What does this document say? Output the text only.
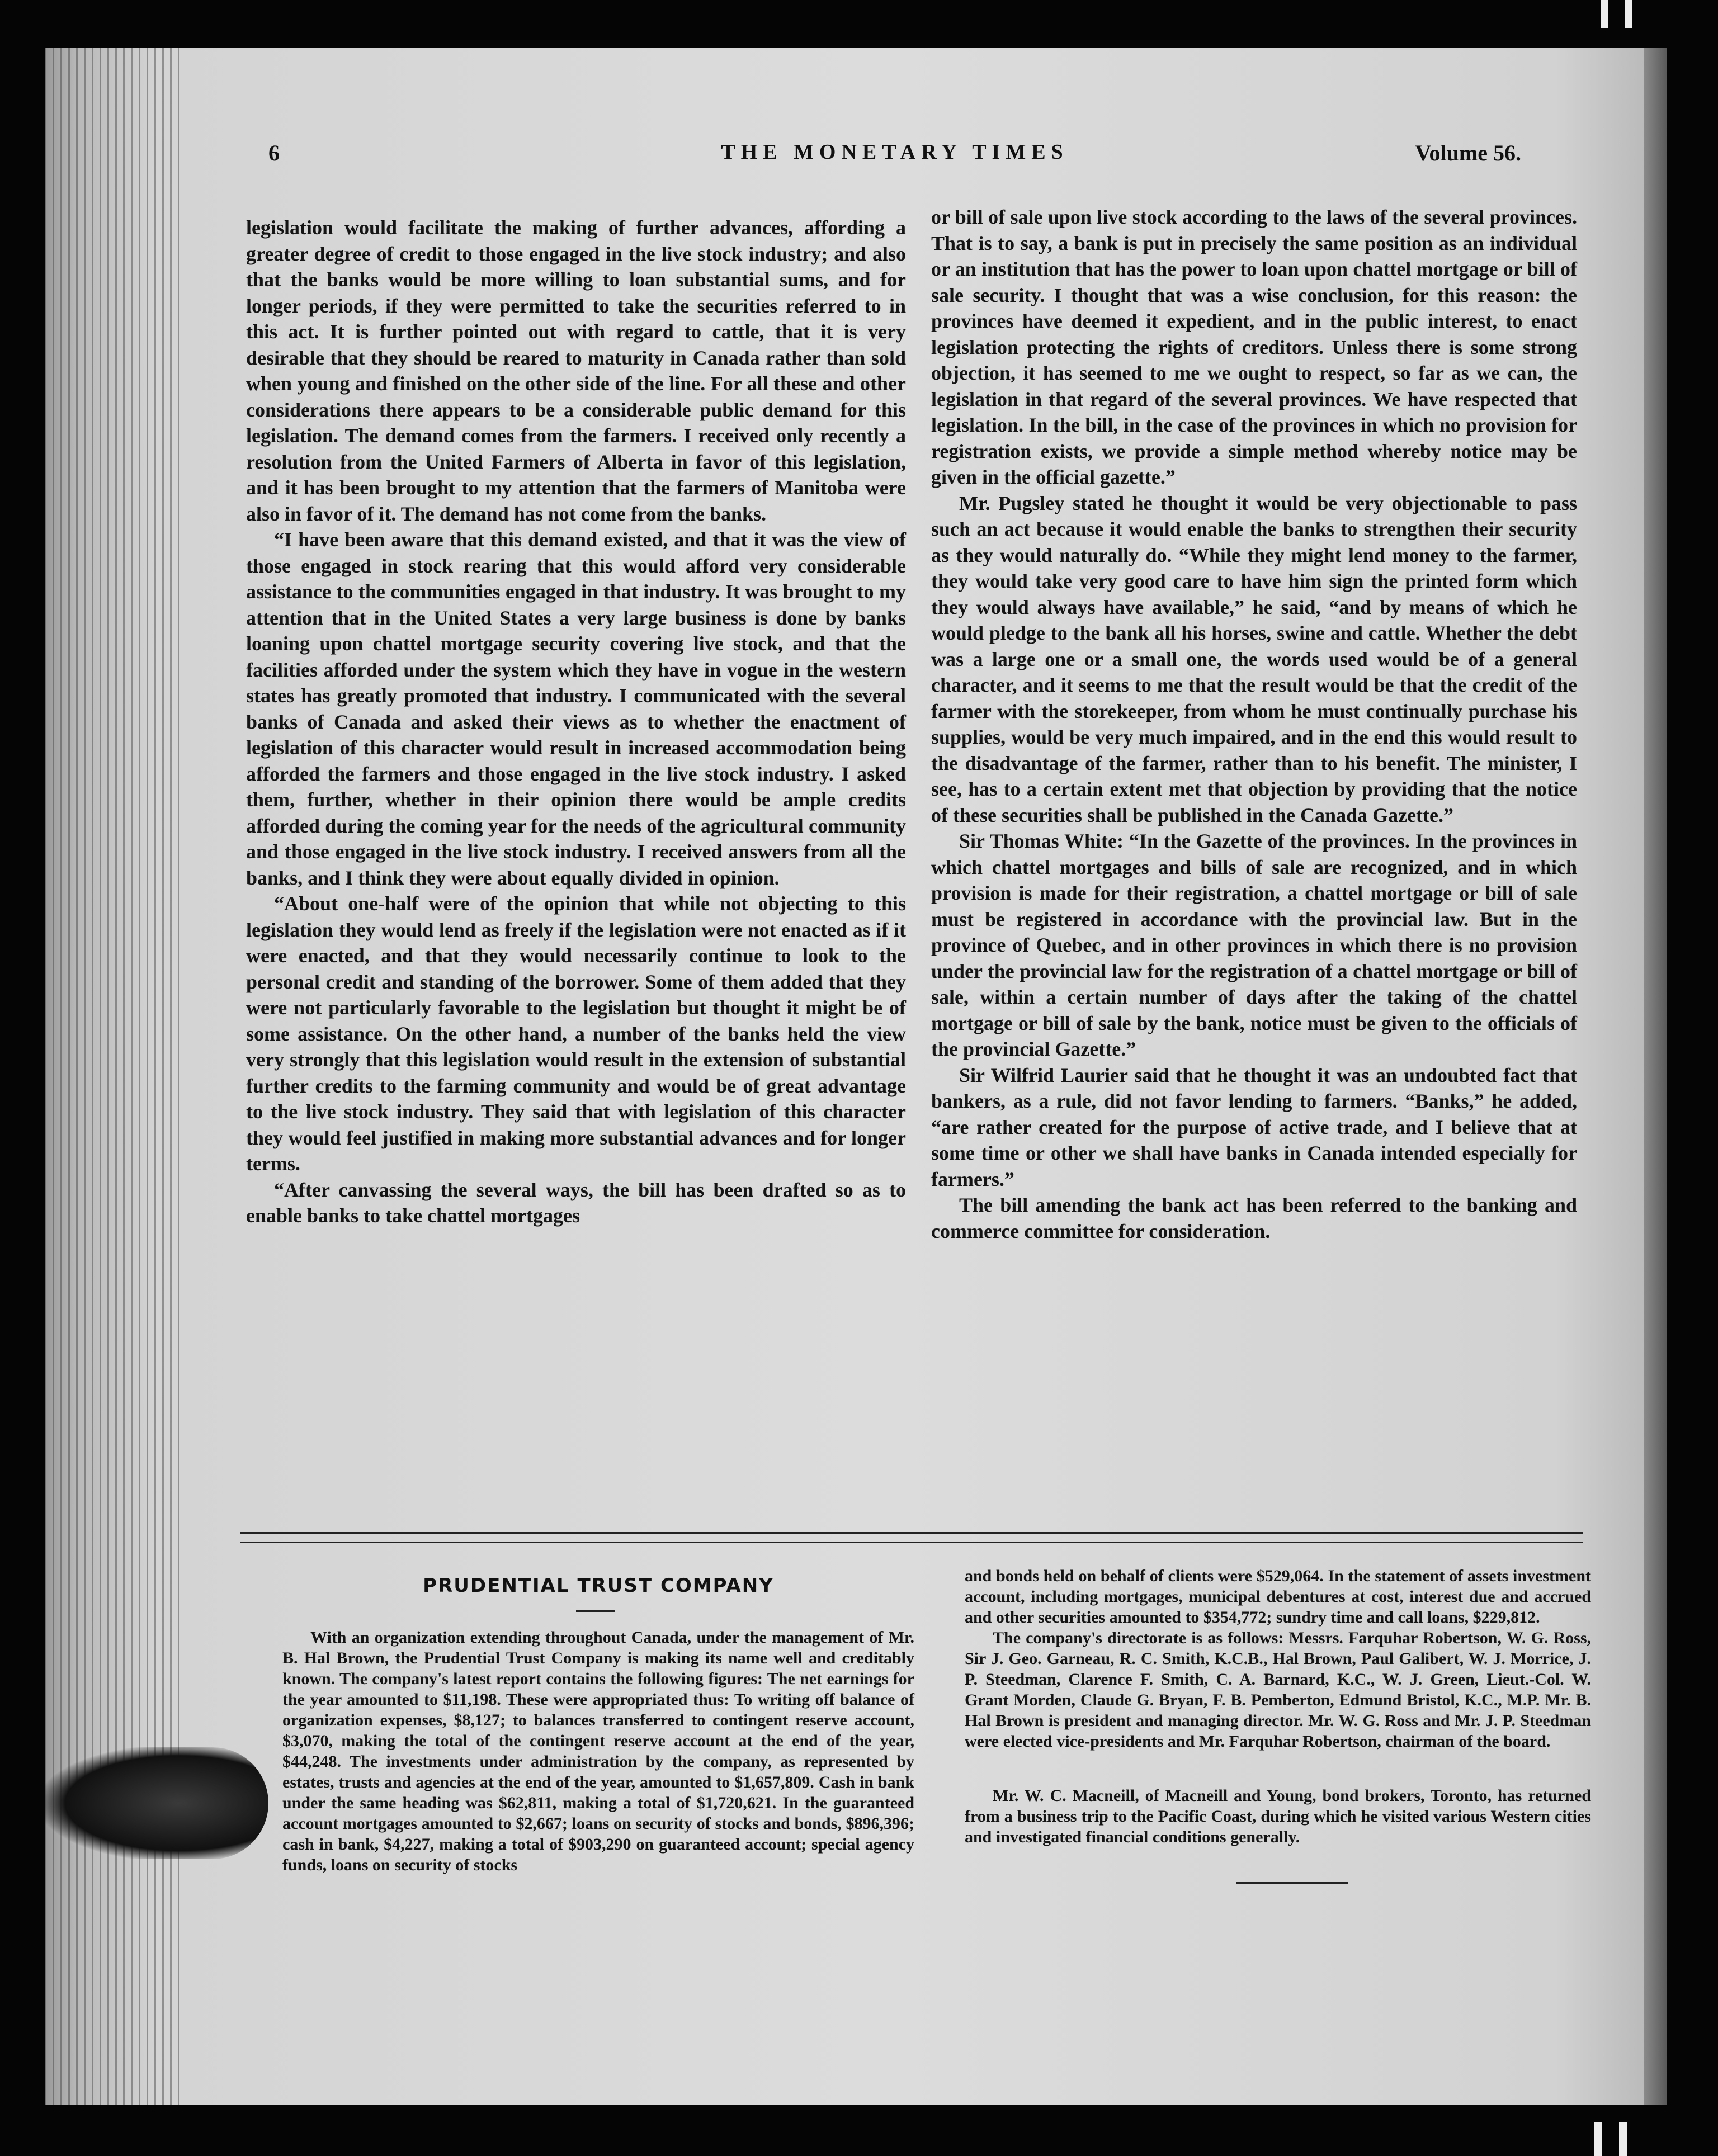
6	THE MONETARY TIMES	Volume 56.

legislation would facilitate the making of further advances, affording a greater degree of credit to those engaged in the live stock industry; and also that the banks would be more willing to loan substantial sums, and for longer periods, if they were permitted to take the securities referred to in this act. It is further pointed out with regard to cattle, that it is very desirable that they should be reared to maturity in Canada rather than sold when young and finished on the other side of the line. For all these and other considerations there appears to be a considerable public demand for this legislation. The demand comes from the farmers. I received only recently a resolution from the United Farmers of Alberta in favor of this legislation, and it has been brought to my attention that the farmers of Manitoba were also in favor of it. The demand has not come from the banks.

“I have been aware that this demand existed, and that it was the view of those engaged in stock rearing that this would afford very considerable assistance to the communities engaged in that industry. It was brought to my attention that in the United States a very large business is done by banks loaning upon chattel mortgage security covering live stock, and that the facilities afforded under the system which they have in vogue in the western states has greatly promoted that industry. I communicated with the several banks of Canada and asked their views as to whether the enactment of legislation of this character would result in increased accommodation being afforded the farmers and those engaged in the live stock industry. I asked them, further, whether in their opinion there would be ample credits afforded during the coming year for the needs of the agricultural community and those engaged in the live stock industry. I received answers from all the banks, and I think they were about equally divided in opinion.

“About one-half were of the opinion that while not objecting to this legislation they would lend as freely if the legislation were not enacted as if it were enacted, and that they would necessarily continue to look to the personal credit and standing of the borrower. Some of them added that they were not particularly favorable to the legislation but thought it might be of some assistance. On the other hand, a number of the banks held the view very strongly that this legislation would result in the extension of substantial further credits to the farming community and would be of great advantage to the live stock industry. They said that with legislation of this character they would feel justified in making more substantial advances and for longer terms.

“After canvassing the several ways, the bill has been drafted so as to enable banks to take chattel mortgages

or bill of sale upon live stock according to the laws of the several provinces. That is to say, a bank is put in precisely the same position as an individual or an institution that has the power to loan upon chattel mortgage or bill of sale security. I thought that was a wise conclusion, for this reason: the provinces have deemed it expedient, and in the public interest, to enact legislation protecting the rights of creditors. Unless there is some strong objection, it has seemed to me we ought to respect, so far as we can, the legislation in that regard of the several provinces. We have respected that legislation. In the bill, in the case of the provinces in which no provision for registration exists, we provide a simple method whereby notice may be given in the official gazette.”

Mr. Pugsley stated he thought it would be very objectionable to pass such an act because it would enable the banks to strengthen their security as they would naturally do. “While they might lend money to the farmer, they would take very good care to have him sign the printed form which they would always have available,” he said, “and by means of which he would pledge to the bank all his horses, swine and cattle. Whether the debt was a large one or a small one, the words used would be of a general character, and it seems to me that the result would be that the credit of the farmer with the storekeeper, from whom he must continually purchase his supplies, would be very much impaired, and in the end this would result to the disadvantage of the farmer, rather than to his benefit. The minister, I see, has to a certain extent met that objection by providing that the notice of these securities shall be published in the Canada Gazette.”

Sir Thomas White: “In the Gazette of the provinces. In the provinces in which chattel mortgages and bills of sale are recognized, and in which provision is made for their registration, a chattel mortgage or bill of sale must be registered in accordance with the provincial law. But in the province of Quebec, and in other provinces in which there is no provision under the provincial law for the registration of a chattel mortgage or bill of sale, within a certain number of days after the taking of the chattel mortgage or bill of sale by the bank, notice must be given to the officials of the provincial Gazette.”

Sir Wilfrid Laurier said that he thought it was an undoubted fact that bankers, as a rule, did not favor lending to farmers. “Banks,” he added, “are rather created for the purpose of active trade, and I believe that at some time or other we shall have banks in Canada intended especially for farmers.”

The bill amending the bank act has been referred to the banking and commerce committee for consideration.

PRUDENTIAL TRUST COMPANY

With an organization extending throughout Canada, under the management of Mr. B. Hal Brown, the Prudential Trust Company is making its name well and creditably known. The company's latest report contains the following figures: The net earnings for the year amounted to $11,198. These were appropriated thus: To writing off balance of organization expenses, $8,127; to balances transferred to contingent reserve account, $3,070, making the total of the contingent reserve account at the end of the year, $44,248. The investments under administration by the company, as represented by estates, trusts and agencies at the end of the year, amounted to $1,657,809. Cash in bank under the same heading was $62,811, making a total of $1,720,621. In the guaranteed account mortgages amounted to $2,667; loans on security of stocks and bonds, $896,396; cash in bank, $4,227, making a total of $903,290 on guaranteed account; special agency funds, loans on security of stocks

and bonds held on behalf of clients were $529,064. In the statement of assets investment account, including mortgages, municipal debentures at cost, interest due and accrued and other securities amounted to $354,772; sundry time and call loans, $229,812.

The company's directorate is as follows: Messrs. Farquhar Robertson, W. G. Ross, Sir J. Geo. Garneau, R. C. Smith, K.C.B., Hal Brown, Paul Galibert, W. J. Morrice, J. P. Steedman, Clarence F. Smith, C. A. Barnard, K.C., W. J. Green, Lieut.-Col. W. Grant Morden, Claude G. Bryan, F. B. Pemberton, Edmund Bristol, K.C., M.P. Mr. B. Hal Brown is president and managing director. Mr. W. G. Ross and Mr. J. P. Steedman were elected vice-presidents and Mr. Farquhar Robertson, chairman of the board.

Mr. W. C. Macneill, of Macneill and Young, bond brokers, Toronto, has returned from a business trip to the Pacific Coast, during which he visited various Western cities and investigated financial conditions generally.
